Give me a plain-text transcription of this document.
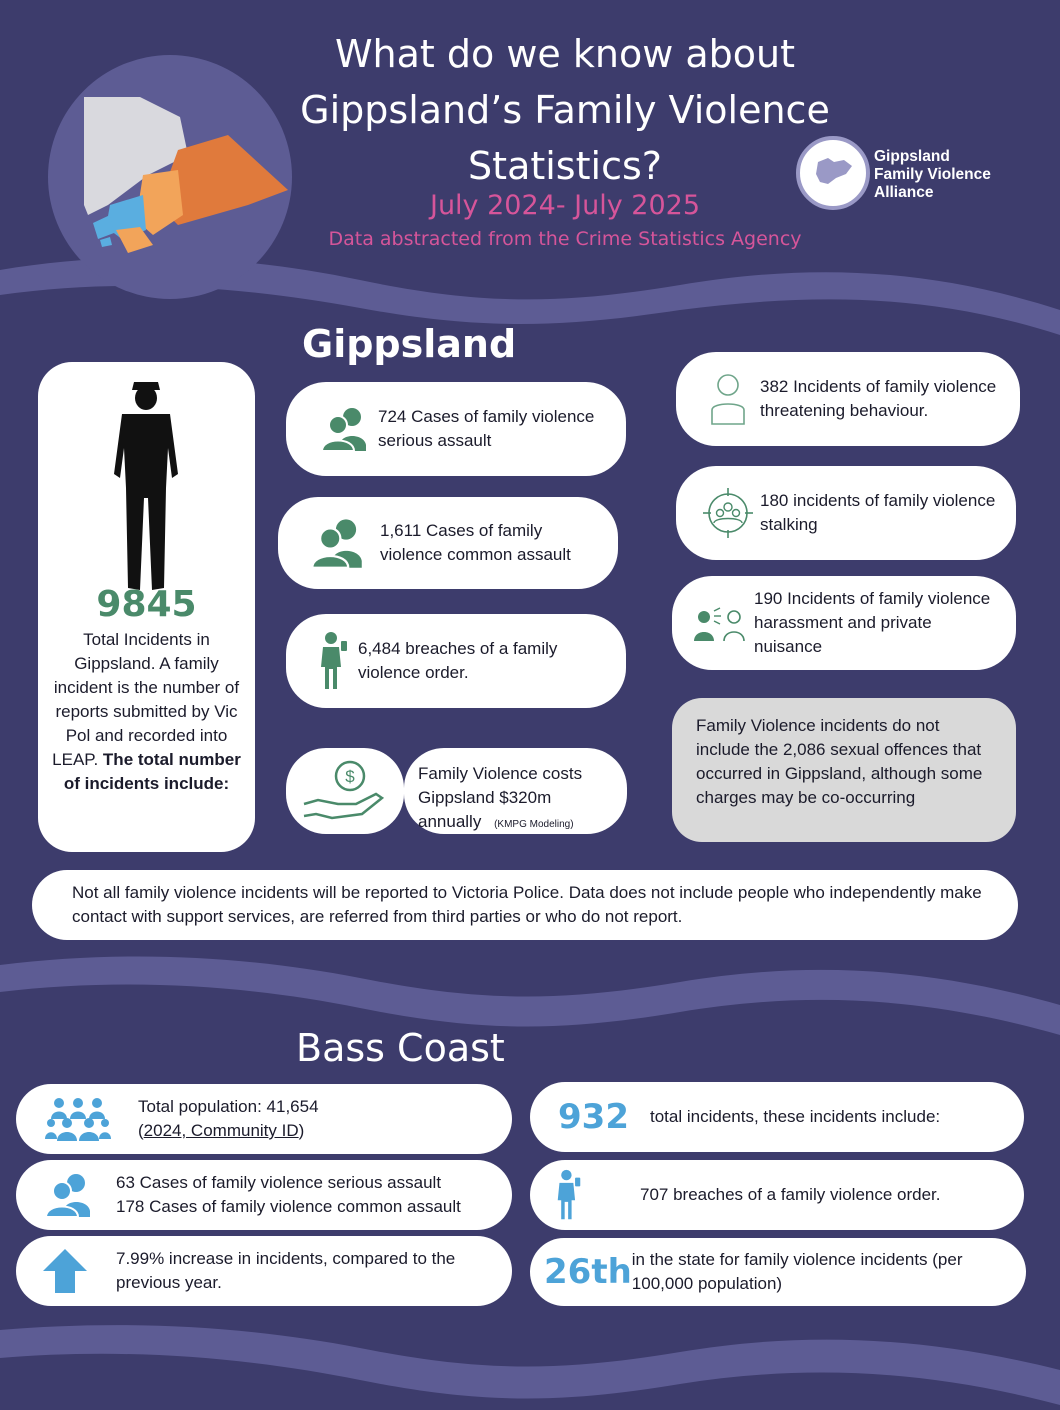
What do we know about Gippsland’s Family Violence Statistics?
July 2024- July 2025
Data abstracted from the Crime Statistics Agency
Gippsland
Family Violence
Alliance
Gippsland
9845
Total Incidents in Gippsland. A family incident is the number of reports submitted by Vic Pol and recorded into LEAP. The total number of incidents include:
724 Cases of family violence serious assault
1,611 Cases of family violence common assault
6,484 breaches of a family violence order.
$	Family Violence costs Gippsland $320m annually (KMPG Modeling)
382 Incidents of family violence threatening behaviour.
180 incidents of family violence stalking
190 Incidents of family violence harassment and private nuisance
Family Violence incidents do not include the 2,086 sexual offences that occurred in Gippsland, although some charges may be co-occurring
Not all family violence incidents will be reported to Victoria Police. Data does not include people who independently make contact with support services, are referred from third parties or who do not report.
Bass Coast
Total population: 41,654
(2024, Community ID)
63 Cases of family violence serious assault
178 Cases of family violence common assault
7.99% increase in incidents, compared to the previous year.
932	total incidents, these incidents include:
707 breaches of a family violence order.
26th in the state for family violence incidents (per 100,000 population)
